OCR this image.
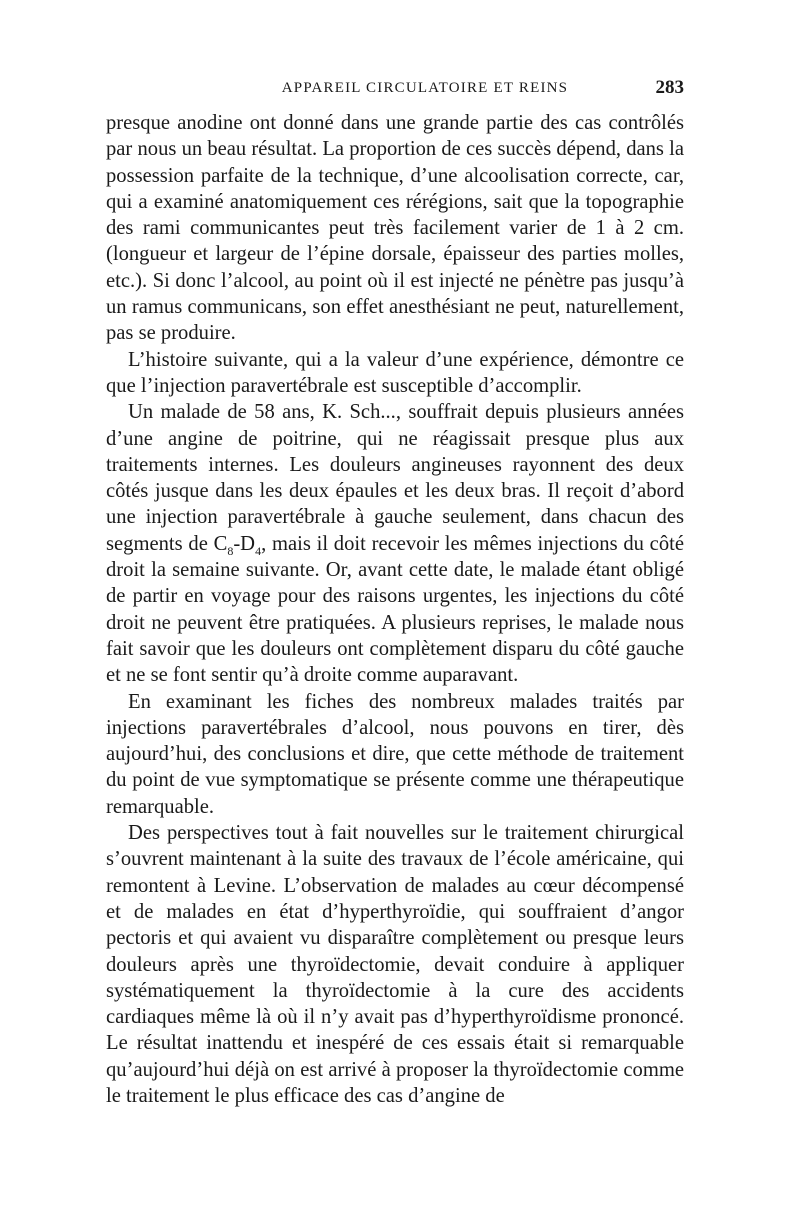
APPAREIL CIRCULATOIRE ET REINS	283

presque anodine ont donné dans une grande partie des cas contrôlés par nous un beau résultat. La proportion de ces succès dépend, dans la possession parfaite de la technique, d’une alcoolisation correcte, car, qui a examiné anatomiquement ces rérégions, sait que la topographie des rami communicantes peut très facilement varier de 1 à 2 cm. (longueur et largeur de l’épine dorsale, épaisseur des parties molles, etc.). Si donc l’alcool, au point où il est injecté ne pénètre pas jusqu’à un ramus communicans, son effet anesthésiant ne peut, naturellement, pas se produire.

L’histoire suivante, qui a la valeur d’une expérience, démontre ce que l’injection paravertébrale est susceptible d’accomplir.

Un malade de 58 ans, K. Sch..., souffrait depuis plusieurs années d’une angine de poitrine, qui ne réagissait presque plus aux traitements internes. Les douleurs angineuses rayonnent des deux côtés jusque dans les deux épaules et les deux bras. Il reçoit d’abord une injection paravertébrale à gauche seulement, dans chacun des segments de $C_8-D_4$, mais il doit recevoir les mêmes injections du côté droit la semaine suivante. Or, avant cette date, le malade étant obligé de partir en voyage pour des raisons urgentes, les injections du côté droit ne peuvent être pratiquées. A plusieurs reprises, le malade nous fait savoir que les douleurs ont complètement disparu du côté gauche et ne se font sentir qu’à droite comme auparavant.

En examinant les fiches des nombreux malades traités par injections paravertébrales d’alcool, nous pouvons en tirer, dès aujourd’hui, des conclusions et dire, que cette méthode de traitement du point de vue symptomatique se présente comme une thérapeutique remarquable.

Des perspectives tout à fait nouvelles sur le traitement chirurgical s’ouvrent maintenant à la suite des travaux de l’école américaine, qui remontent à Levine. L’observation de malades au cœur décompensé et de malades en état d’hyperthyroïdie, qui souffraient d’angor pectoris et qui avaient vu disparaître complètement ou presque leurs douleurs après une thyroïdectomie, devait conduire à appliquer systématiquement la thyroïdectomie à la cure des accidents cardiaques même là où il n’y avait pas d’hyperthyroïdisme prononcé. Le résultat inattendu et inespéré de ces essais était si remarquable qu’aujourd’hui déjà on est arrivé à proposer la thyroïdectomie comme le traitement le plus efficace des cas d’angine de
